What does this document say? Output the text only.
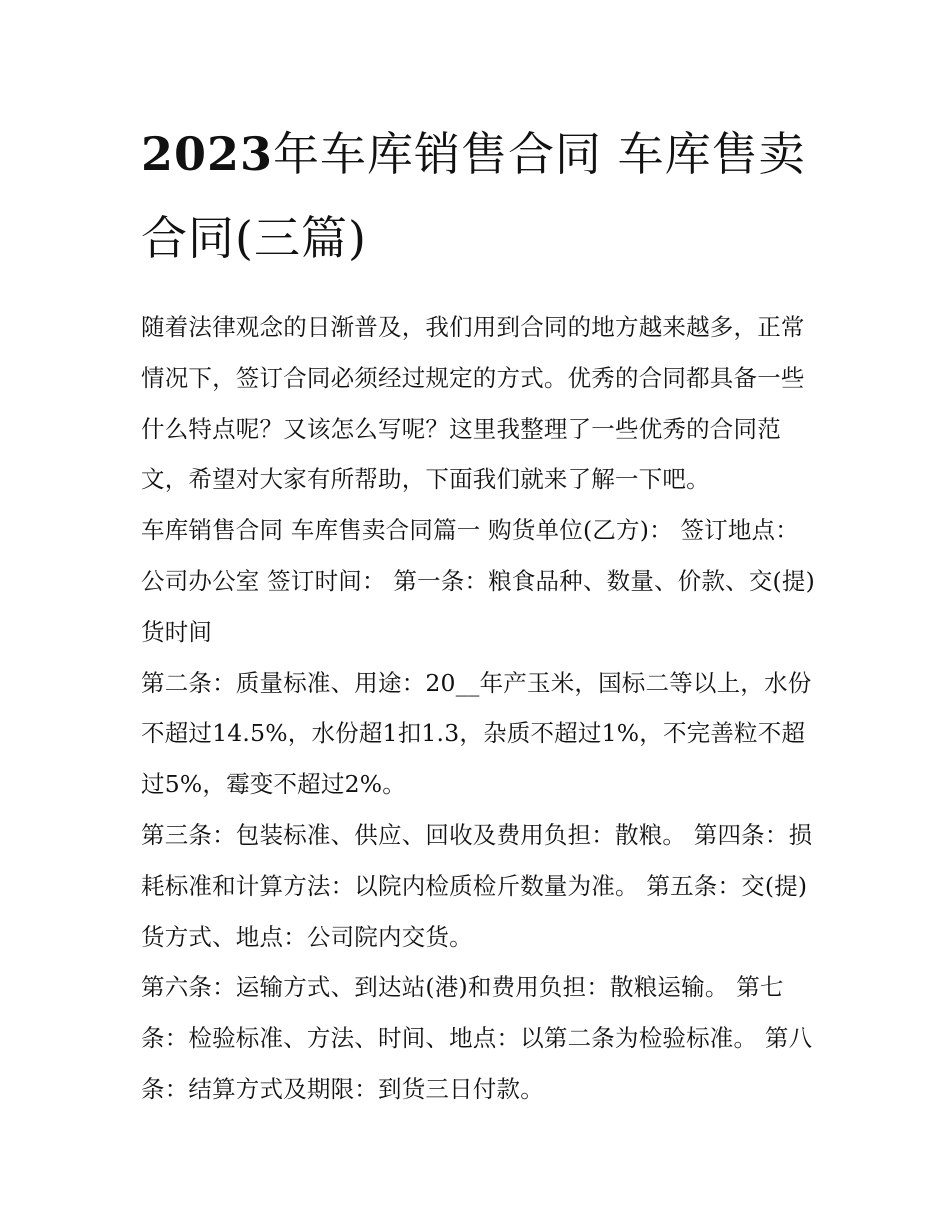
2023年车库销售合同 车库售卖合同(三篇)

随着法律观念的日渐普及，我们用到合同的地方越来越多，正常情况下，签订合同必须经过规定的方式。优秀的合同都具备一些什么特点呢？又该怎么写呢？这里我整理了一些优秀的合同范文，希望对大家有所帮助，下面我们就来了解一下吧。

车库销售合同 车库售卖合同篇一 购货单位(乙方)： 签订地点：公司办公室 签订时间： 第一条：粮食品种、数量、价款、交(提)货时间

第二条：质量标准、用途：20__年产玉米，国标二等以上，水份不超过14.5%，水份超1扣1.3，杂质不超过1%，不完善粒不超过5%，霉变不超过2%。

第三条：包装标准、供应、回收及费用负担：散粮。 第四条：损耗标准和计算方法：以院内检质检斤数量为准。 第五条：交(提)货方式、地点：公司院内交货。

第六条：运输方式、到达站(港)和费用负担：散粮运输。 第七条：检验标准、方法、时间、地点：以第二条为检验标准。 第八条：结算方式及期限：到货三日付款。
